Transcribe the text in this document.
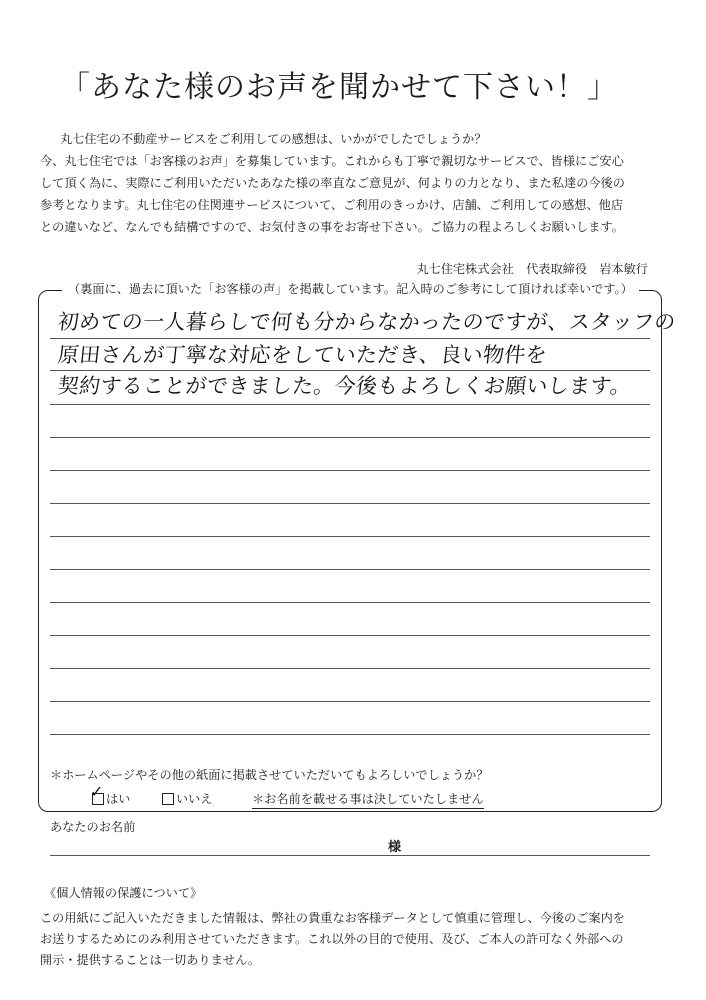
「あなた様のお声を聞かせて下さい！」

丸七住宅の不動産サービスをご利用しての感想は、いかがでしたでしょうか？

今、丸七住宅では「お客様のお声」を募集しています。これからも丁寧で親切なサービスで、皆様にご安心

して頂く為に、実際にご利用いただいたあなた様の率直なご意見が、何よりの力となり、また私達の今後の

参考となります。丸七住宅の住関連サービスについて、ご利用のきっかけ、店舗、ご利用しての感想、他店

との違いなど、なんでも結構ですので、お気付きの事をお寄せ下さい。ご協力の程よろしくお願いします。

丸七住宅株式会社　代表取締役　岩本敏行
（裏面に、過去に頂いた「お客様の声」を掲載しています。記入時のご参考にして頂ければ幸いです。）
初めての一人暮らしで何も分からなかったのですが、スタッフの
原田さんが丁寧な対応をしていただき、良い物件を
契約することができました。今後もよろしくお願いします。
＊ホームページやその他の紙面に掲載させていただいてもよろしいでしょうか？
✓ はい	いいえ	＊お名前を載せる事は決していたしません
あなたのお名前
様
《個人情報の保護について》

この用紙にご記入いただきました情報は、弊社の貴重なお客様データとして慎重に管理し、今後のご案内を

お送りするためにのみ利用させていただきます。これ以外の目的で使用、及び、ご本人の許可なく外部への

開示・提供することは一切ありません。
